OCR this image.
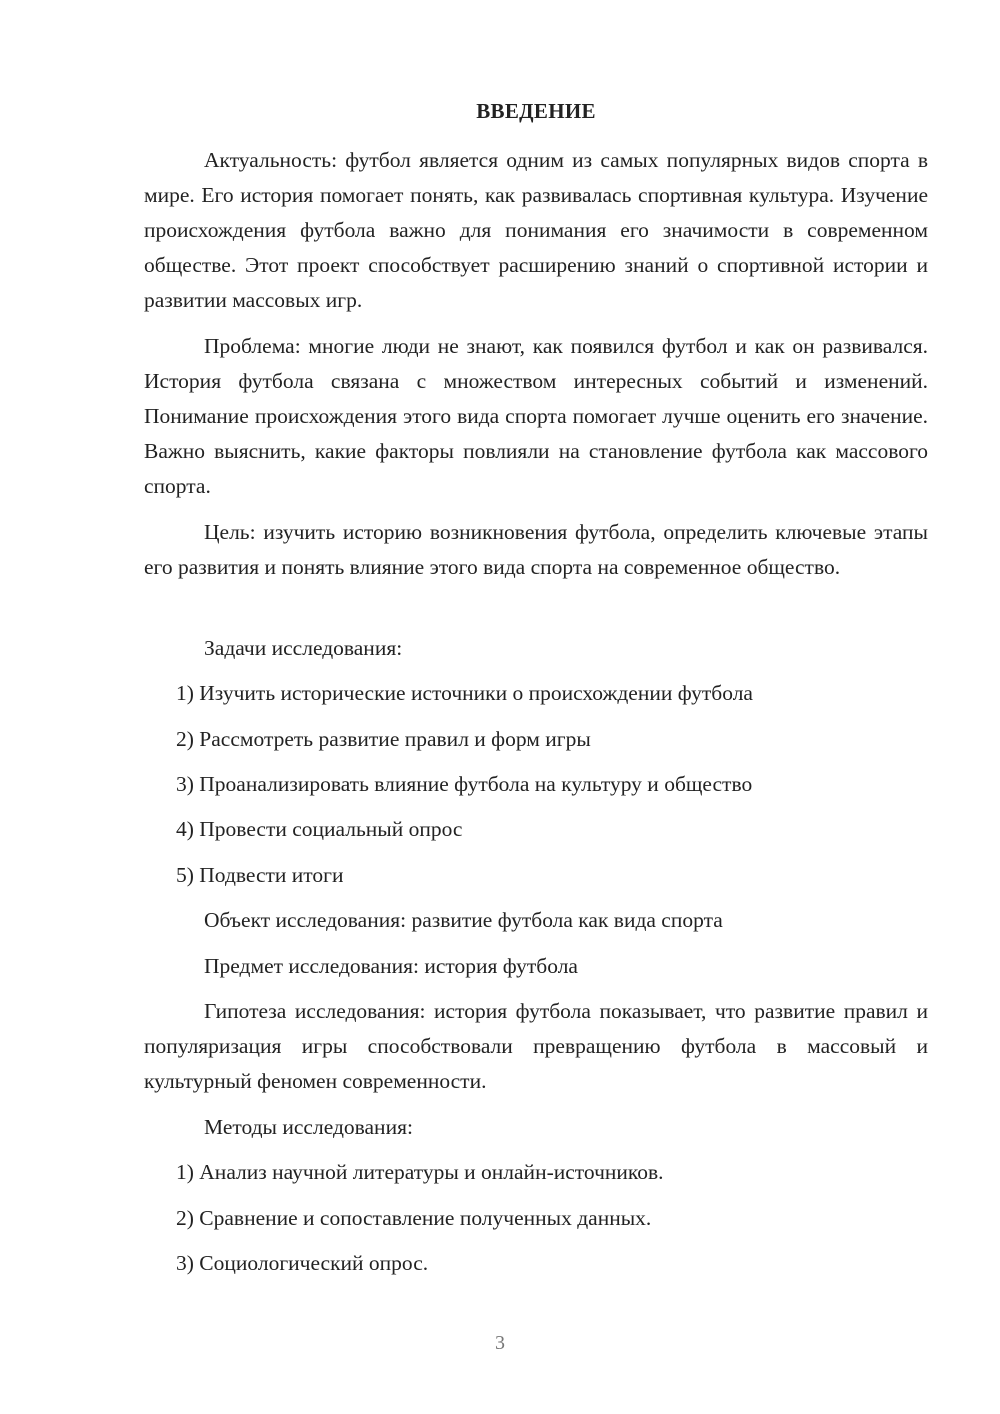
ВВЕДЕНИЕ

Актуальность: футбол является одним из самых популярных видов спорта в мире. Его история помогает понять, как развивалась спортивная культура. Изучение происхождения футбола важно для понимания его значимости в современном обществе. Этот проект способствует расширению знаний о спортивной истории и развитии массовых игр.

Проблема: многие люди не знают, как появился футбол и как он развивался. История футбола связана с множеством интересных событий и изменений. Понимание происхождения этого вида спорта помогает лучше оценить его значение. Важно выяснить, какие факторы повлияли на становление футбола как массового спорта.

Цель: изучить историю возникновения футбола, определить ключевые этапы его развития и понять влияние этого вида спорта на современное общество.

Задачи исследования:

1) Изучить исторические источники о происхождении футбола

2) Рассмотреть развитие правил и форм игры

3) Проанализировать влияние футбола на культуру и общество

4) Провести социальный опрос

5) Подвести итоги

Объект исследования: развитие футбола как вида спорта

Предмет исследования: история футбола

Гипотеза исследования: история футбола показывает, что развитие правил и популяризация игры способствовали превращению футбола в массовый и культурный феномен современности.

Методы исследования:

1) Анализ научной литературы и онлайн-источников.

2) Сравнение и сопоставление полученных данных.

3) Социологический опрос.

3
